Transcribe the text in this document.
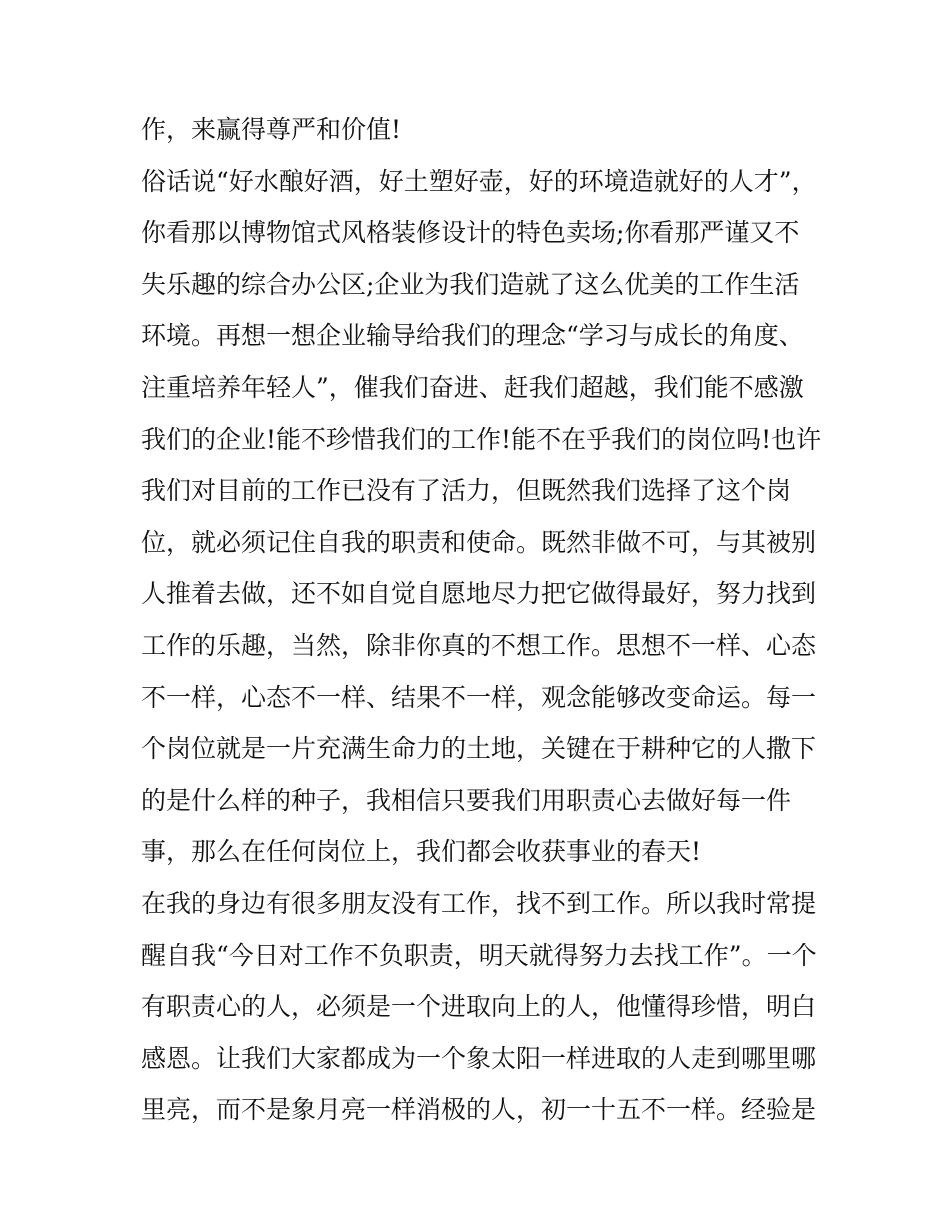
作，来赢得尊严和价值!
俗话说“好水酿好酒，好土塑好壶，好的环境造就好的人才”，
你看那以博物馆式风格装修设计的特色卖场;你看那严谨又不
失乐趣的综合办公区;企业为我们造就了这么优美的工作生活
环境。再想一想企业输导给我们的理念“学习与成长的角度、
注重培养年轻人”，催我们奋进、赶我们超越，我们能不感激
我们的企业!能不珍惜我们的工作!能不在乎我们的岗位吗!也许
我们对目前的工作已没有了活力，但既然我们选择了这个岗
位，就必须记住自我的职责和使命。既然非做不可，与其被别
人推着去做，还不如自觉自愿地尽力把它做得最好，努力找到
工作的乐趣，当然，除非你真的不想工作。思想不一样、心态
不一样，心态不一样、结果不一样，观念能够改变命运。每一
个岗位就是一片充满生命力的土地，关键在于耕种它的人撒下
的是什么样的种子，我相信只要我们用职责心去做好每一件
事，那么在任何岗位上，我们都会收获事业的春天!
在我的身边有很多朋友没有工作，找不到工作。所以我时常提
醒自我“今日对工作不负职责，明天就得努力去找工作”。一个
有职责心的人，必须是一个进取向上的人，他懂得珍惜，明白
感恩。让我们大家都成为一个象太阳一样进取的人走到哪里哪
里亮，而不是象月亮一样消极的人，初一十五不一样。经验是
